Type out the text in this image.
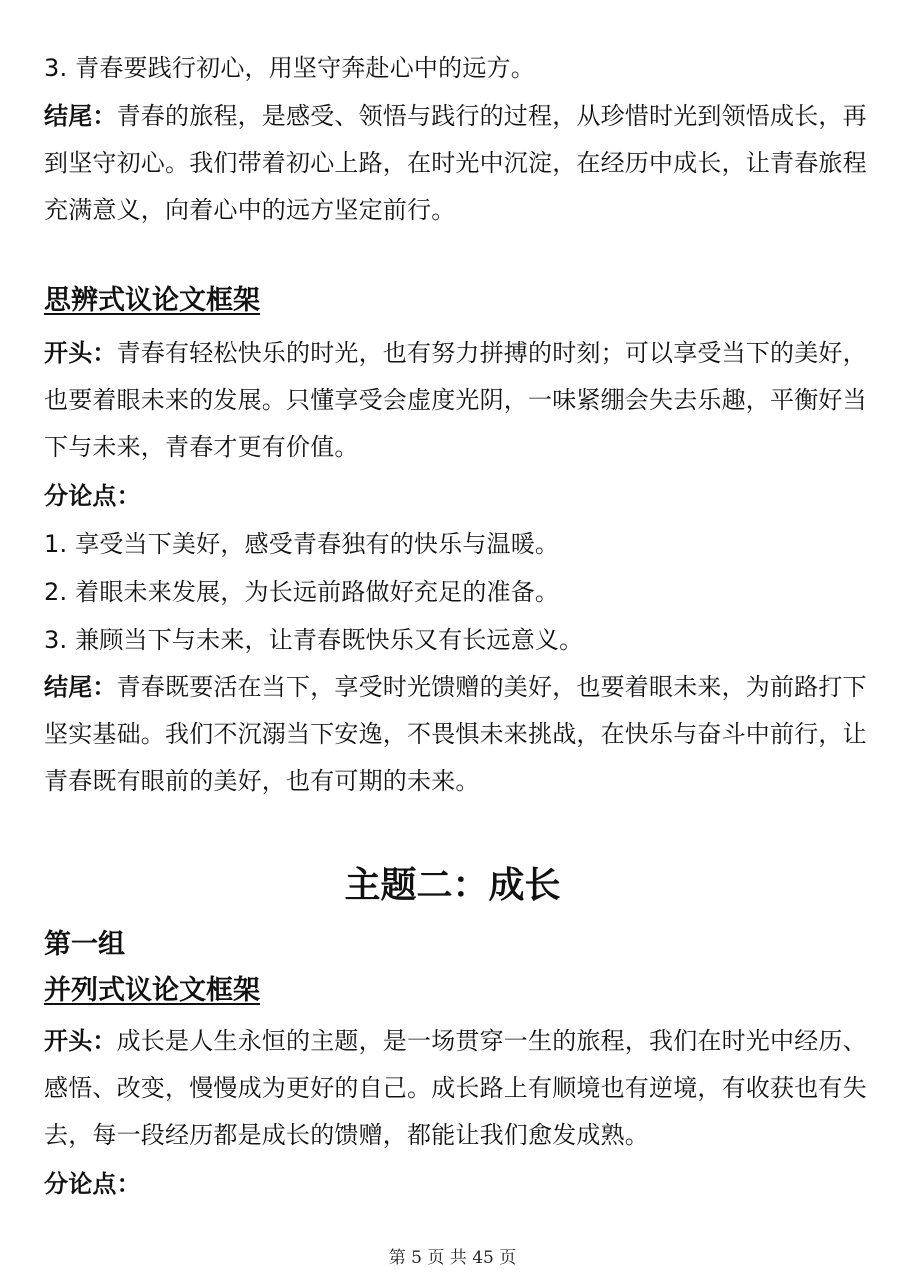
3. 青春要践行初心，用坚守奔赴心中的远方。
结尾：青春的旅程，是感受、领悟与践行的过程，从珍惜时光到领悟成长，再
到坚守初心。我们带着初心上路，在时光中沉淀，在经历中成长，让青春旅程
充满意义，向着心中的远方坚定前行。
思辨式议论文框架
开头：青春有轻松快乐的时光，也有努力拼搏的时刻；可以享受当下的美好，
也要着眼未来的发展。只懂享受会虚度光阴，一味紧绷会失去乐趣，平衡好当
下与未来，青春才更有价值。
分论点：
1. 享受当下美好，感受青春独有的快乐与温暖。
2. 着眼未来发展，为长远前路做好充足的准备。
3. 兼顾当下与未来，让青春既快乐又有长远意义。
结尾：青春既要活在当下，享受时光馈赠的美好，也要着眼未来，为前路打下
坚实基础。我们不沉溺当下安逸，不畏惧未来挑战，在快乐与奋斗中前行，让
青春既有眼前的美好，也有可期的未来。
主题二：成长
第一组
并列式议论文框架
开头：成长是人生永恒的主题，是一场贯穿一生的旅程，我们在时光中经历、
感悟、改变，慢慢成为更好的自己。成长路上有顺境也有逆境，有收获也有失
去，每一段经历都是成长的馈赠，都能让我们愈发成熟。
分论点：
第 5 页 共 45 页
